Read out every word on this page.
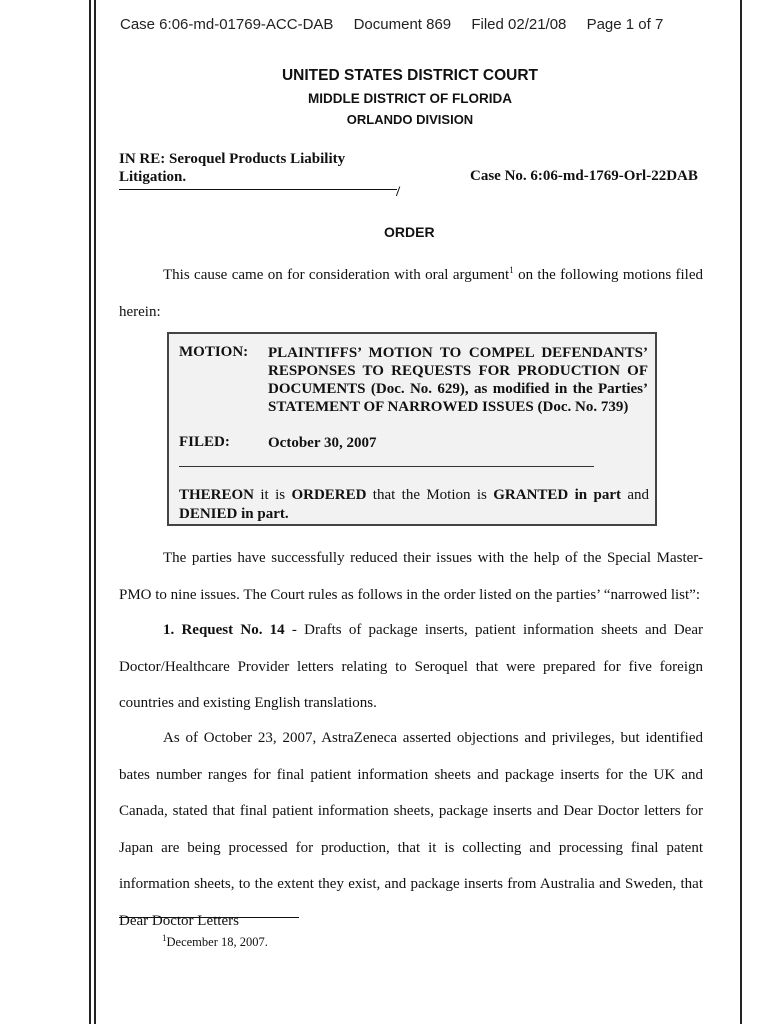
Case 6:06-md-01769-ACC-DAB Document 869 Filed 02/21/08 Page 1 of 7
UNITED STATES DISTRICT COURT
MIDDLE DISTRICT OF FLORIDA
ORLANDO DIVISION
IN RE: Seroquel Products Liability
Litigation.	Case No. 6:06-md-1769-Orl-22DAB
/
ORDER
This cause came on for consideration with oral argument$^1$ on the following motions filed herein:
MOTION: PLAINTIFFS’ MOTION TO COMPEL DEFENDANTS’ RESPONSES TO REQUESTS FOR PRODUCTION OF DOCUMENTS (Doc. No. 629), as modified in the Parties’ STATEMENT OF NARROWED ISSUES (Doc. No. 739)
FILED:	October 30, 2007
THEREON it is ORDERED that the Motion is GRANTED in part and DENIED in part.
The parties have successfully reduced their issues with the help of the Special Master-PMO to nine issues. The Court rules as follows in the order listed on the parties’ “narrowed list”:
1. Request No. 14 - Drafts of package inserts, patient information sheets and Dear Doctor/Healthcare Provider letters relating to Seroquel that were prepared for five foreign countries and existing English translations.
As of October 23, 2007, AstraZeneca asserted objections and privileges, but identified bates number ranges for final patient information sheets and package inserts for the UK and Canada, stated that final patient information sheets, package inserts and Dear Doctor letters for Japan are being processed for production, that it is collecting and processing final patent information sheets, to the extent they exist, and package inserts from Australia and Sweden, that Dear Doctor Letters
$^1$December 18, 2007.
